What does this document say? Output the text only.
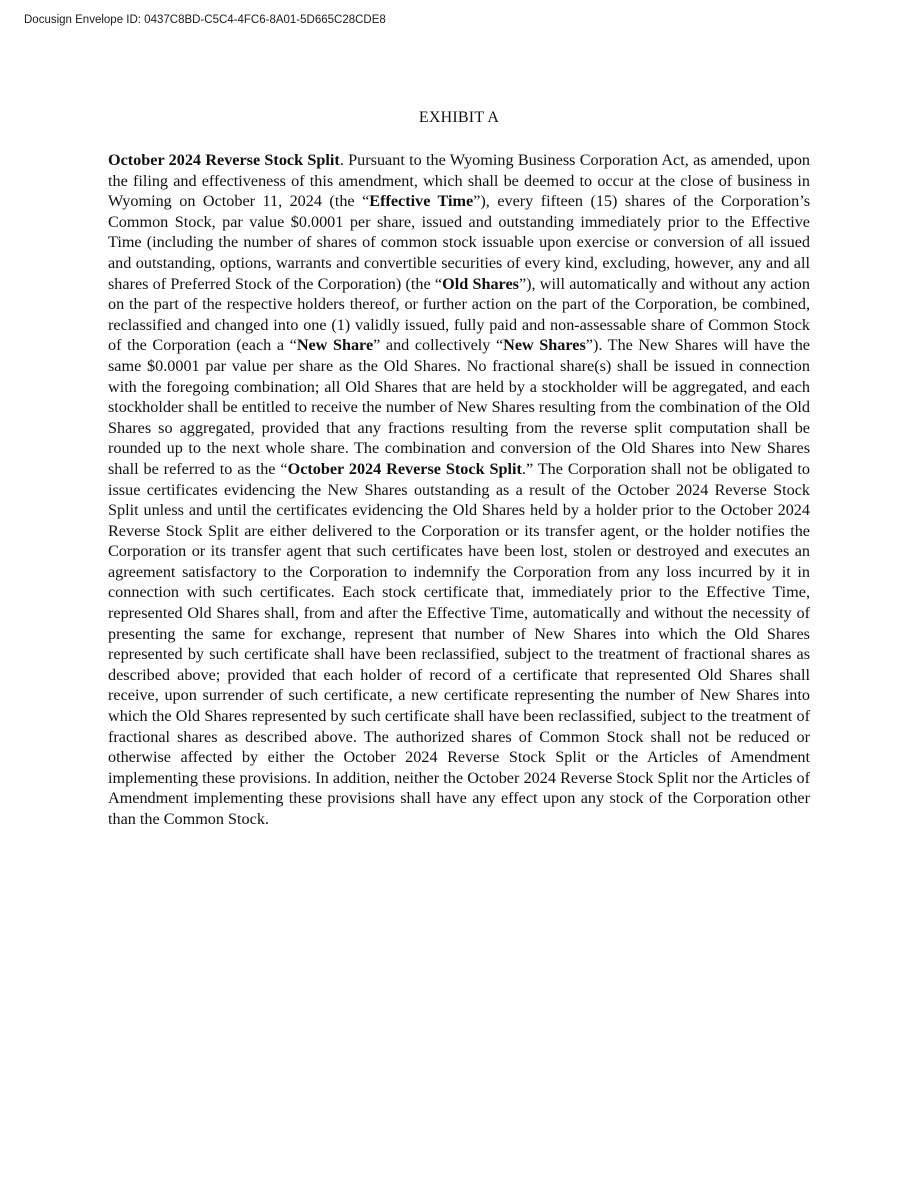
Docusign Envelope ID: 0437C8BD-C5C4-4FC6-8A01-5D665C28CDE8
EXHIBIT A

October 2024 Reverse Stock Split. Pursuant to the Wyoming Business Corporation Act, as amended, upon the filing and effectiveness of this amendment, which shall be deemed to occur at the close of business in Wyoming on October 11, 2024 (the “Effective Time”), every fifteen (15) shares of the Corporation’s Common Stock, par value $0.0001 per share, issued and outstanding immediately prior to the Effective Time (including the number of shares of common stock issuable upon exercise or conversion of all issued and outstanding, options, warrants and convertible securities of every kind, excluding, however, any and all shares of Preferred Stock of the Corporation) (the “Old Shares”), will automatically and without any action on the part of the respective holders thereof, or further action on the part of the Corporation, be combined, reclassified and changed into one (1) validly issued, fully paid and non-assessable share of Common Stock of the Corporation (each a “New Share” and collectively “New Shares”). The New Shares will have the same $0.0001 par value per share as the Old Shares. No fractional share(s) shall be issued in connection with the foregoing combination; all Old Shares that are held by a stockholder will be aggregated, and each stockholder shall be entitled to receive the number of New Shares resulting from the combination of the Old Shares so aggregated, provided that any fractions resulting from the reverse split computation shall be rounded up to the next whole share. The combination and conversion of the Old Shares into New Shares shall be referred to as the “October 2024 Reverse Stock Split.” The Corporation shall not be obligated to issue certificates evidencing the New Shares outstanding as a result of the October 2024 Reverse Stock Split unless and until the certificates evidencing the Old Shares held by a holder prior to the October 2024 Reverse Stock Split are either delivered to the Corporation or its transfer agent, or the holder notifies the Corporation or its transfer agent that such certificates have been lost, stolen or destroyed and executes an agreement satisfactory to the Corporation to indemnify the Corporation from any loss incurred by it in connection with such certificates. Each stock certificate that, immediately prior to the Effective Time, represented Old Shares shall, from and after the Effective Time, automatically and without the necessity of presenting the same for exchange, represent that number of New Shares into which the Old Shares represented by such certificate shall have been reclassified, subject to the treatment of fractional shares as described above; provided that each holder of record of a certificate that represented Old Shares shall receive, upon surrender of such certificate, a new certificate representing the number of New Shares into which the Old Shares represented by such certificate shall have been reclassified, subject to the treatment of fractional shares as described above. The authorized shares of Common Stock shall not be reduced or otherwise affected by either the October 2024 Reverse Stock Split or the Articles of Amendment implementing these provisions. In addition, neither the October 2024 Reverse Stock Split nor the Articles of Amendment implementing these provisions shall have any effect upon any stock of the Corporation other than the Common Stock.
